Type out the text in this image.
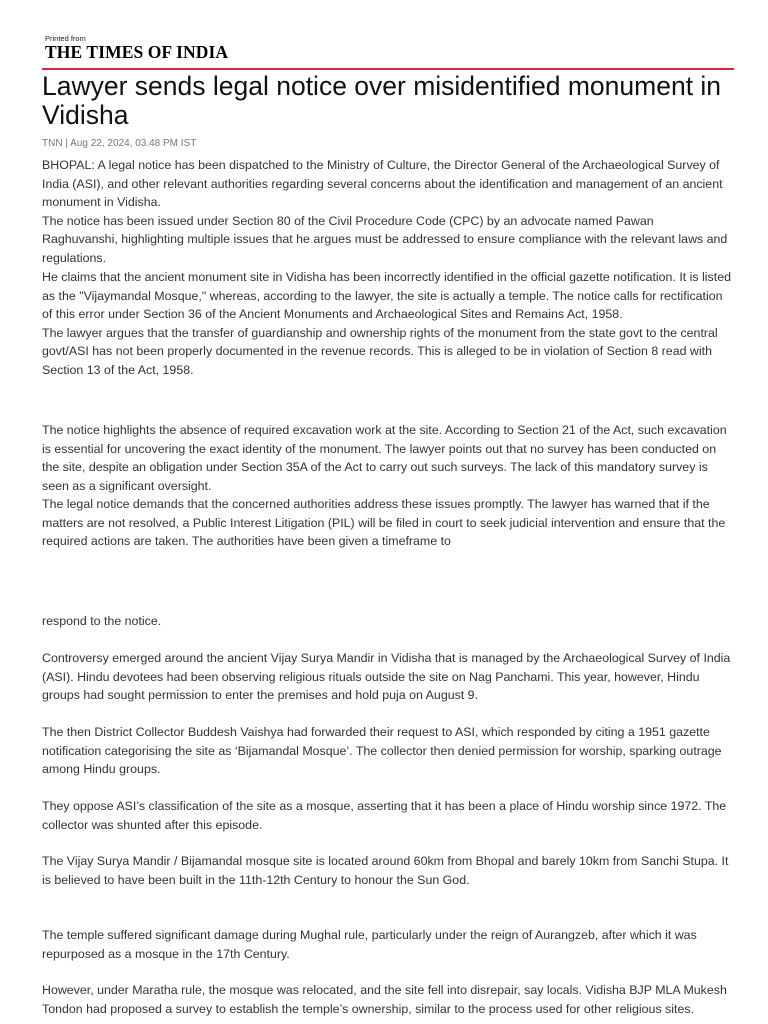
Printed from
THE TIMES OF INDIA
Lawyer sends legal notice over misidentified monument in Vidisha
TNN | Aug 22, 2024, 03.48 PM IST

BHOPAL: A legal notice has been dispatched to the Ministry of Culture, the Director General of the Archaeological Survey of India (ASI), and other relevant authorities regarding several concerns about the identification and management of an ancient monument in Vidisha.

The notice has been issued under Section 80 of the Civil Procedure Code (CPC) by an advocate named Pawan Raghuvanshi, highlighting multiple issues that he argues must be addressed to ensure compliance with the relevant laws and regulations.

He claims that the ancient monument site in Vidisha has been incorrectly identified in the official gazette notification. It is listed as the "Vijaymandal Mosque," whereas, according to the lawyer, the site is actually a temple. The notice calls for rectification of this error under Section 36 of the Ancient Monuments and Archaeological Sites and Remains Act, 1958.

The lawyer argues that the transfer of guardianship and ownership rights of the monument from the state govt to the central govt/ASI has not been properly documented in the revenue records. This is alleged to be in violation of Section 8 read with Section 13 of the Act, 1958.

The notice highlights the absence of required excavation work at the site. According to Section 21 of the Act, such excavation is essential for uncovering the exact identity of the monument. The lawyer points out that no survey has been conducted on the site, despite an obligation under Section 35A of the Act to carry out such surveys. The lack of this mandatory survey is seen as a significant oversight.

The legal notice demands that the concerned authorities address these issues promptly. The lawyer has warned that if the matters are not resolved, a Public Interest Litigation (PIL) will be filed in court to seek judicial intervention and ensure that the required actions are taken. The authorities have been given a timeframe to

respond to the notice.

Controversy emerged around the ancient Vijay Surya Mandir in Vidisha that is managed by the Archaeological Survey of India (ASI). Hindu devotees had been observing religious rituals outside the site on Nag Panchami. This year, however, Hindu groups had sought permission to enter the premises and hold puja on August 9.

The then District Collector Buddesh Vaishya had forwarded their request to ASI, which responded by citing a 1951 gazette notification categorising the site as ‘Bijamandal Mosque’. The collector then denied permission for worship, sparking outrage among Hindu groups.

They oppose ASI’s classification of the site as a mosque, asserting that it has been a place of Hindu worship since 1972. The collector was shunted after this episode.

The Vijay Surya Mandir / Bijamandal mosque site is located around 60km from Bhopal and barely 10km from Sanchi Stupa. It is believed to have been built in the 11th-12th Century to honour the Sun God.

The temple suffered significant damage during Mughal rule, particularly under the reign of Aurangzeb, after which it was repurposed as a mosque in the 17th Century.

However, under Maratha rule, the mosque was relocated, and the site fell into disrepair, say locals. Vidisha BJP MLA Mukesh Tondon had proposed a survey to establish the temple’s ownership, similar to the process used for other religious sites.
